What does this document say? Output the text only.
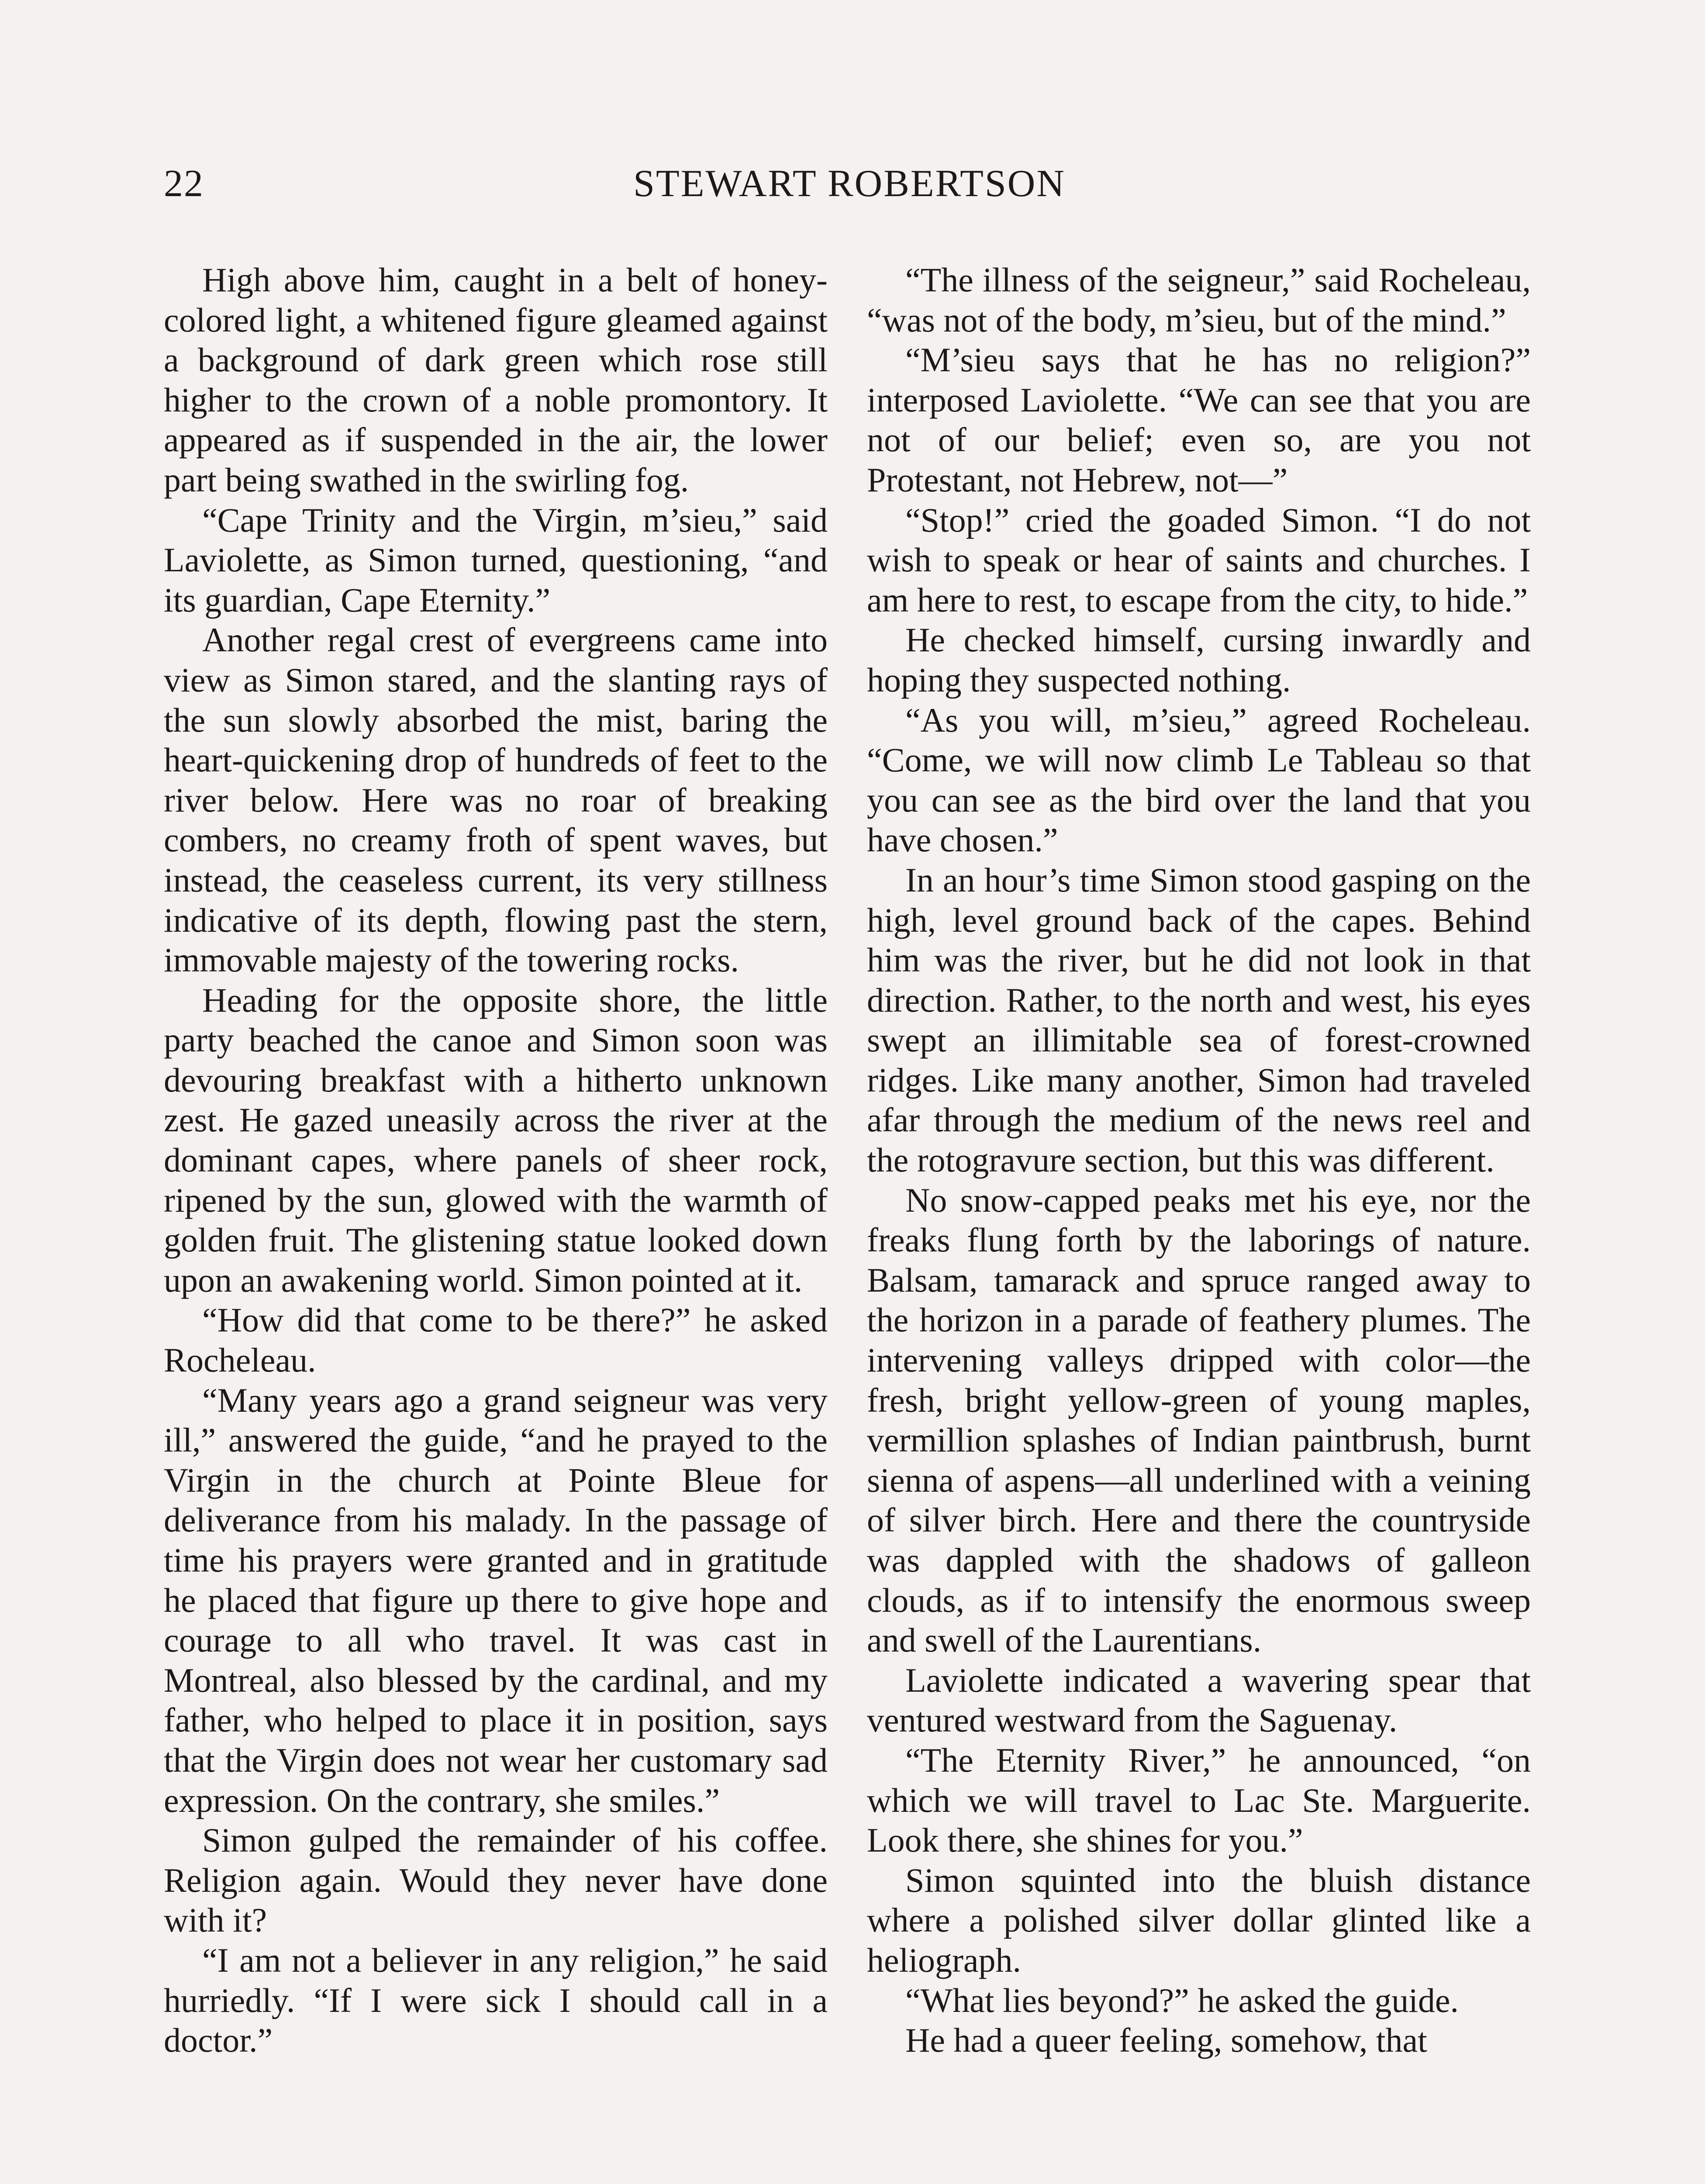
22	STEWART ROBERTSON

High above him, caught in a belt of honey-colored light, a whitened figure gleamed against a background of dark green which rose still higher to the crown of a noble promontory. It appeared as if suspended in the air, the lower part being swathed in the swirling fog.

“Cape Trinity and the Virgin, m’sieu,” said Laviolette, as Simon turned, questioning, “and its guardian, Cape Eternity.”

Another regal crest of evergreens came into view as Simon stared, and the slanting rays of the sun slowly absorbed the mist, baring the heart-quickening drop of hundreds of feet to the river below. Here was no roar of breaking combers, no creamy froth of spent waves, but instead, the ceaseless current, its very stillness indicative of its depth, flowing past the stern, immovable majesty of the towering rocks.

Heading for the opposite shore, the little party beached the canoe and Simon soon was devouring breakfast with a hitherto unknown zest. He gazed uneasily across the river at the dominant capes, where panels of sheer rock, ripened by the sun, glowed with the warmth of golden fruit. The glistening statue looked down upon an awakening world. Simon pointed at it.

“How did that come to be there?” he asked Rocheleau.

“Many years ago a grand seigneur was very ill,” answered the guide, “and he prayed to the Virgin in the church at Pointe Bleue for deliverance from his malady. In the passage of time his prayers were granted and in gratitude he placed that figure up there to give hope and courage to all who travel. It was cast in Montreal, also blessed by the cardinal, and my father, who helped to place it in position, says that the Virgin does not wear her customary sad expression. On the contrary, she smiles.”

Simon gulped the remainder of his coffee. Religion again. Would they never have done with it?

“I am not a believer in any religion,” he said hurriedly. “If I were sick I should call in a doctor.”

“The illness of the seigneur,” said Rocheleau, “was not of the body, m’sieu, but of the mind.”

“M’sieu says that he has no religion?” interposed Laviolette. “We can see that you are not of our belief; even so, are you not Protestant, not Hebrew, not—”

“Stop!” cried the goaded Simon. “I do not wish to speak or hear of saints and churches. I am here to rest, to escape from the city, to hide.”

He checked himself, cursing inwardly and hoping they suspected nothing.

“As you will, m’sieu,” agreed Rocheleau. “Come, we will now climb Le Tableau so that you can see as the bird over the land that you have chosen.”

In an hour’s time Simon stood gasping on the high, level ground back of the capes. Behind him was the river, but he did not look in that direction. Rather, to the north and west, his eyes swept an illimitable sea of forest-crowned ridges. Like many another, Simon had traveled afar through the medium of the news reel and the rotogravure section, but this was different.

No snow-capped peaks met his eye, nor the freaks flung forth by the laborings of nature. Balsam, tamarack and spruce ranged away to the horizon in a parade of feathery plumes. The intervening valleys dripped with color—the fresh, bright yellow-green of young maples, vermillion splashes of Indian paintbrush, burnt sienna of aspens—all underlined with a veining of silver birch. Here and there the countryside was dappled with the shadows of galleon clouds, as if to intensify the enormous sweep and swell of the Laurentians.

Laviolette indicated a wavering spear that ventured westward from the Saguenay.

“The Eternity River,” he announced, “on which we will travel to Lac Ste. Marguerite. Look there, she shines for you.”

Simon squinted into the bluish distance where a polished silver dollar glinted like a heliograph.

“What lies beyond?” he asked the guide.

He had a queer feeling, somehow, that
